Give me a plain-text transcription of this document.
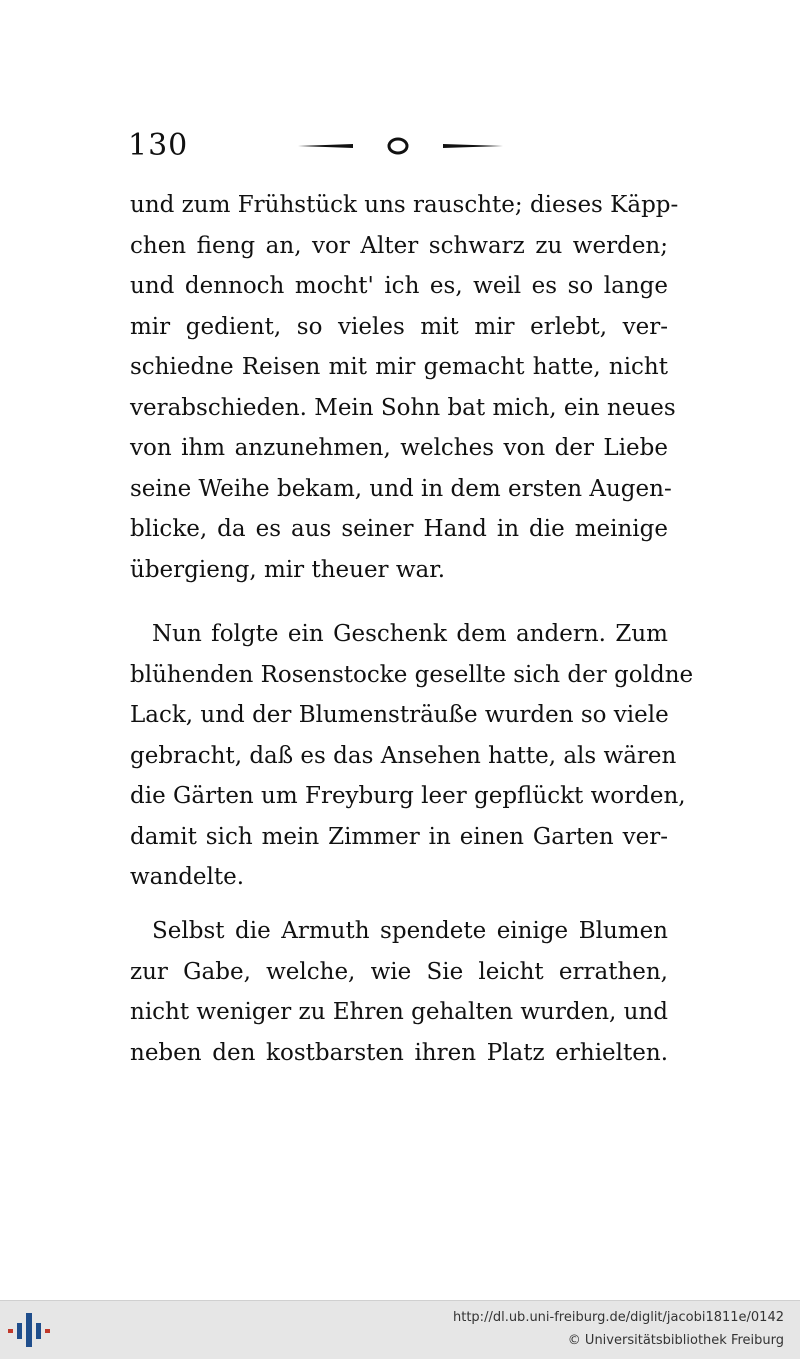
130
und zum Frühstück uns rauschte; dieses Käpp-
chen fieng an, vor Alter schwarz zu werden;
und dennoch mocht' ich es, weil es so lange
mir gedient, so vieles mit mir erlebt, ver-
schiedne Reisen mit mir gemacht hatte, nicht
verabschieden. Mein Sohn bat mich, ein neues
von ihm anzunehmen, welches von der Liebe
seine Weihe bekam, und in dem ersten Augen-
blicke, da es aus seiner Hand in die meinige
übergieng, mir theuer war.
Nun folgte ein Geschenk dem andern. Zum
blühenden Rosenstocke gesellte sich der goldne
Lack, und der Blumensträuße wurden so viele
gebracht, daß es das Ansehen hatte, als wären
die Gärten um Freyburg leer gepflückt worden,
damit sich mein Zimmer in einen Garten ver-
wandelte.
Selbst die Armuth spendete einige Blumen
zur Gabe, welche, wie Sie leicht errathen,
nicht weniger zu Ehren gehalten wurden, und
neben den kostbarsten ihren Platz erhielten.
http://dl.ub.uni-freiburg.de/diglit/jacobi1811e/0142
© Universitätsbibliothek Freiburg
